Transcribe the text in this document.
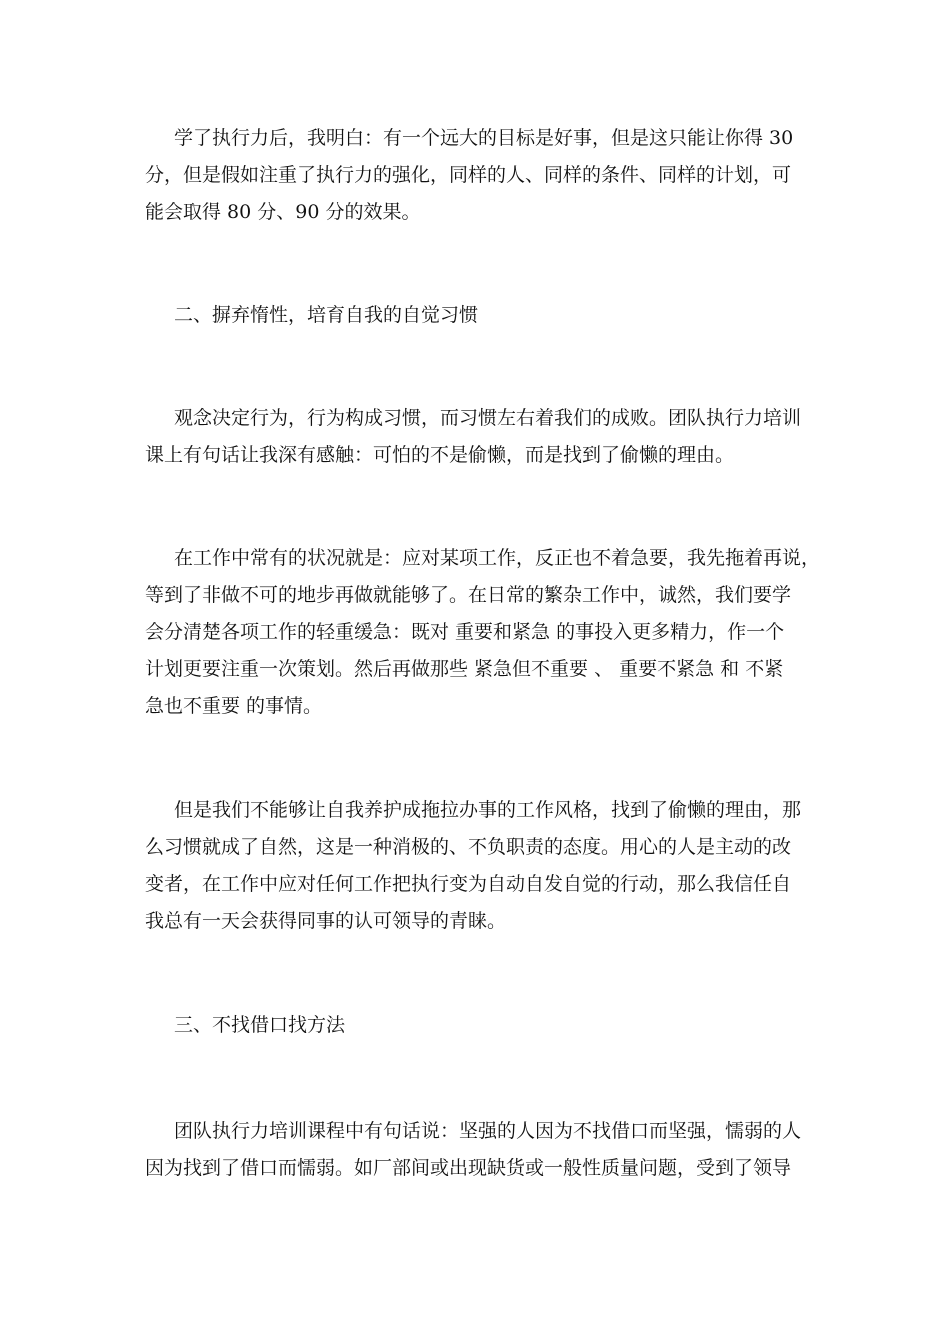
学了执行力后，我明白：有一个远大的目标是好事，但是这只能让你得 30
分，但是假如注重了执行力的强化，同样的人、同样的条件、同样的计划，可
能会取得 80 分、90 分的效果。
二、摒弃惰性，培育自我的自觉习惯
观念决定行为，行为构成习惯，而习惯左右着我们的成败。团队执行力培训
课上有句话让我深有感触：可怕的不是偷懒，而是找到了偷懒的理由。
在工作中常有的状况就是：应对某项工作，反正也不着急要，我先拖着再说，
等到了非做不可的地步再做就能够了。在日常的繁杂工作中，诚然，我们要学
会分清楚各项工作的轻重缓急：既对 重要和紧急 的事投入更多精力，作一个
计划更要注重一次策划。然后再做那些 紧急但不重要 、 重要不紧急 和 不紧
急也不重要 的事情。
但是我们不能够让自我养护成拖拉办事的工作风格，找到了偷懒的理由，那
么习惯就成了自然，这是一种消极的、不负职责的态度。用心的人是主动的改
变者，在工作中应对任何工作把执行变为自动自发自觉的行动，那么我信任自
我总有一天会获得同事的认可领导的青睐。
三、不找借口找方法
团队执行力培训课程中有句话说：坚强的人因为不找借口而坚强，懦弱的人
因为找到了借口而懦弱。如厂部间或出现缺货或一般性质量问题，受到了领导
